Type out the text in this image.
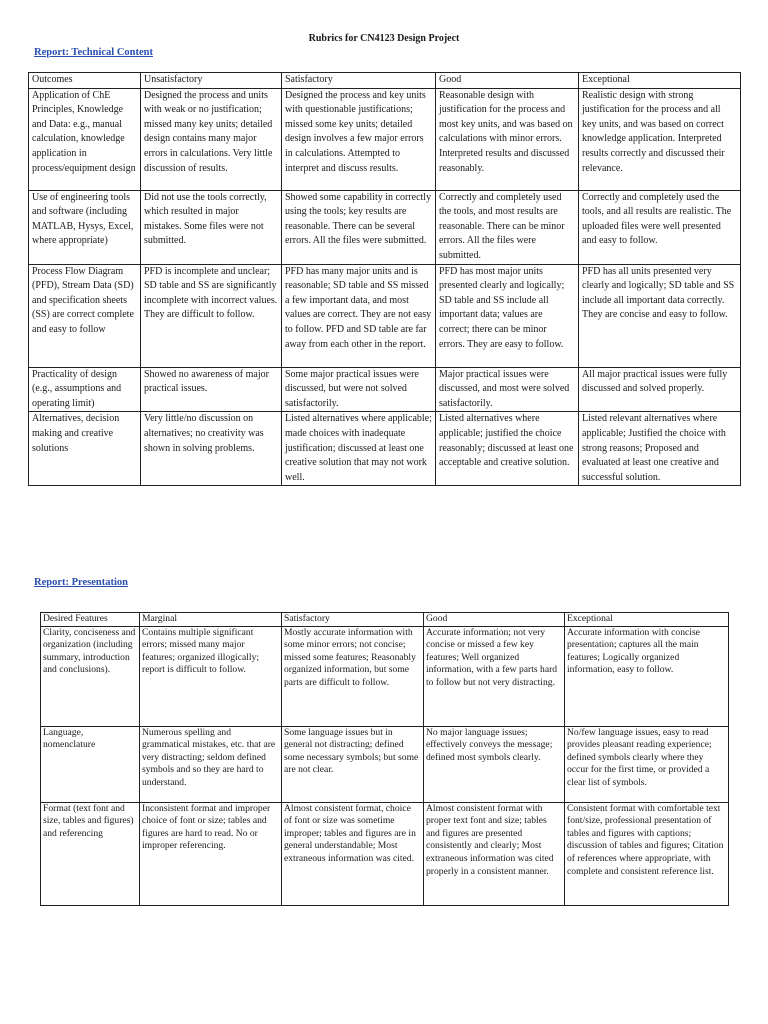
Rubrics for CN4123 Design Project
Report: Technical Content
Outcomes	Unsatisfactory	Satisfactory	Good	Exceptional
Application of ChE Principles, Knowledge and Data: e.g., manual calculation, knowledge application in process/equipment design	Designed the process and units with weak or no justification; missed many key units; detailed design contains many major errors in calculations. Very little discussion of results.	Designed the process and key units with questionable justifications; missed some key units; detailed design involves a few major errors in calculations. Attempted to interpret and discuss results.	Reasonable design with justification for the process and most key units, and was based on calculations with minor errors. Interpreted results and discussed reasonably.	Realistic design with strong justification for the process and all key units, and was based on correct knowledge application. Interpreted results correctly and discussed their relevance.
Use of engineering tools and software (including MATLAB, Hysys, Excel, where appropriate)	Did not use the tools correctly, which resulted in major mistakes. Some files were not submitted.	Showed some capability in correctly using the tools; key results are reasonable. There can be several errors. All the files were submitted.	Correctly and completely used the tools, and most results are reasonable. There can be minor errors. All the files were submitted.	Correctly and completely used the tools, and all results are realistic. The uploaded files were well presented and easy to follow.
Process Flow Diagram (PFD), Stream Data (SD) and specification sheets (SS) are correct complete and easy to follow	PFD is incomplete and unclear; SD table and SS are significantly incomplete with incorrect values. They are difficult to follow.	PFD has many major units and is reasonable; SD table and SS missed a few important data, and most values are correct. They are not easy to follow. PFD and SD table are far away from each other in the report.	PFD has most major units presented clearly and logically; SD table and SS include all important data; values are correct; there can be minor errors. They are easy to follow.	PFD has all units presented very clearly and logically; SD table and SS include all important data correctly. They are concise and easy to follow.
Practicality of design (e.g., assumptions and operating limit)	Showed no awareness of major practical issues.	Some major practical issues were discussed, but were not solved satisfactorily.	Major practical issues were discussed, and most were solved satisfactorily.	All major practical issues were fully discussed and solved properly.
Alternatives, decision making and creative solutions	Very little/no discussion on alternatives; no creativity was shown in solving problems.	Listed alternatives where applicable; made choices with inadequate justification; discussed at least one creative solution that may not work well.	Listed alternatives where applicable; justified the choice reasonably; discussed at least one acceptable and creative solution.	Listed relevant alternatives where applicable; Justified the choice with strong reasons; Proposed and evaluated at least one creative and successful solution.
Report: Presentation
Desired Features	Marginal	Satisfactory	Good	Exceptional
Clarity, conciseness and organization (including summary, introduction and conclusions).	Contains multiple significant errors; missed many major features; organized illogically; report is difficult to follow.	Mostly accurate information with some minor errors; not concise; missed some features; Reasonably organized information, but some parts are difficult to follow.	Accurate information; not very concise or missed a few key features; Well organized information, with a few parts hard to follow but not very distracting.	Accurate information with concise presentation; captures all the main features; Logically organized information, easy to follow.
Language, nomenclature	Numerous spelling and grammatical mistakes, etc. that are very distracting; seldom defined symbols and so they are hard to understand.	Some language issues but in general not distracting; defined some necessary symbols; but some are not clear.	No major language issues; effectively conveys the message; defined most symbols clearly.	No/few language issues, easy to read provides pleasant reading experience; defined symbols clearly where they occur for the first time, or provided a clear list of symbols.
Format (text font and size, tables and figures) and referencing	Inconsistent format and improper choice of font or size; tables and figures are hard to read. No or improper referencing.	Almost consistent format, choice of font or size was sometime improper; tables and figures are in general understandable; Most extraneous information was cited.	Almost consistent format with proper text font and size; tables and figures are presented consistently and clearly; Most extraneous information was cited properly in a consistent manner.	Consistent format with comfortable text font/size, professional presentation of tables and figures with captions; discussion of tables and figures; Citation of references where appropriate, with complete and consistent reference list.
